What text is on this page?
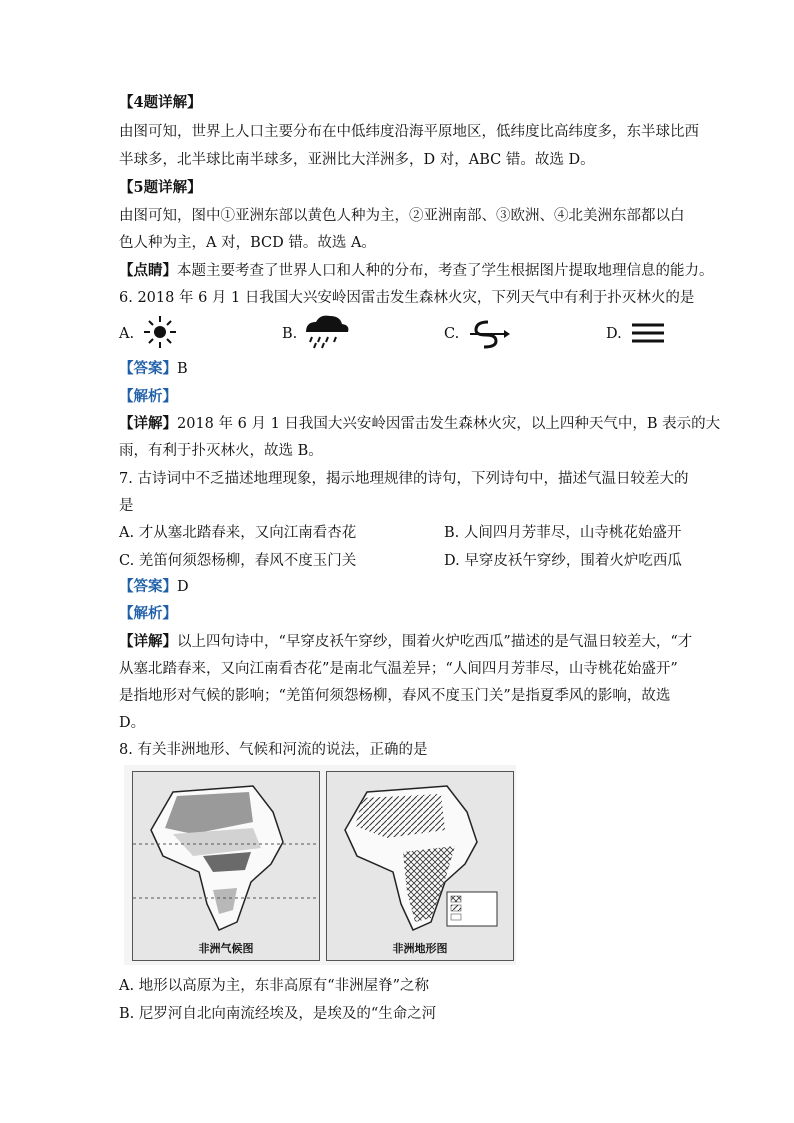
【4题详解】
由图可知，世界上人口主要分布在中低纬度沿海平原地区，低纬度比高纬度多，东半球比西
半球多，北半球比南半球多，亚洲比大洋洲多，D 对，ABC 错。故选 D。
【5题详解】
由图可知，图中①亚洲东部以黄色人种为主，②亚洲南部、③欧洲、④北美洲东部都以白
色人种为主，A 对，BCD 错。故选 A。
【点睛】本题主要考查了世界人口和人种的分布，考查了学生根据图片提取地理信息的能力。
6. 2018 年 6 月 1 日我国大兴安岭因雷击发生森林火灾，下列天气中有利于扑灭林火的是
A.	B.	C.	D.
【答案】B
【解析】
【详解】2018 年 6 月 1 日我国大兴安岭因雷击发生森林火灾，以上四种天气中，B 表示的大
雨，有利于扑灭林火，故选 B。
7. 古诗词中不乏描述地理现象，揭示地理规律的诗句，下列诗句中，描述气温日较差大的
是
A. 才从塞北踏春来，又向江南看杏花	B. 人间四月芳菲尽，山寺桃花始盛开
C. 羌笛何须怨杨柳，春风不度玉门关	D. 早穿皮袄午穿纱，围着火炉吃西瓜
【答案】D
【解析】
【详解】以上四句诗中，“早穿皮袄午穿纱，围着火炉吃西瓜”描述的是气温日较差大，“才
从塞北踏春来，又向江南看杏花”是南北气温差异；“人间四月芳菲尽，山寺桃花始盛开”
是指地形对气候的影响；“羌笛何须怨杨柳，春风不度玉门关”是指夏季风的影响，故选
D。
8. 有关非洲地形、气候和河流的说法，正确的是
非洲气候图	非洲地形图
A. 地形以高原为主，东非高原有“非洲屋脊”之称
B. 尼罗河自北向南流经埃及，是埃及的“生命之河
